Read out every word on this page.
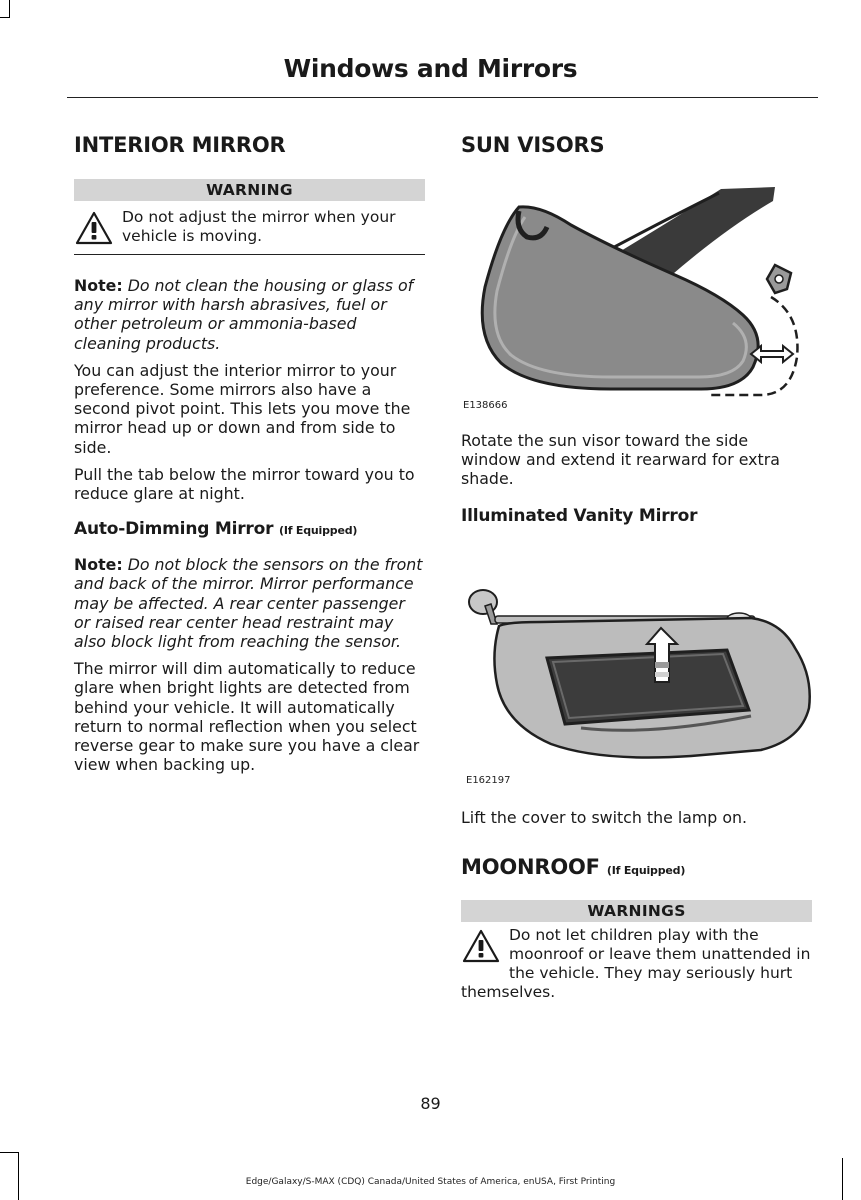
Windows and Mirrors
INTERIOR MIRROR
WARNING
Do not adjust the mirror when your vehicle is moving.

Note: Do not clean the housing or glass of any mirror with harsh abrasives, fuel or other petroleum or ammonia-based cleaning products.

You can adjust the interior mirror to your preference. Some mirrors also have a second pivot point. This lets you move the mirror head up or down and from side to side.

Pull the tab below the mirror toward you to reduce glare at night.

Auto-Dimming Mirror (If Equipped)

Note: Do not block the sensors on the front and back of the mirror. Mirror performance may be affected. A rear center passenger or raised rear center head restraint may also block light from reaching the sensor.

The mirror will dim automatically to reduce glare when bright lights are detected from behind your vehicle. It will automatically return to normal reflection when you select reverse gear to make sure you have a clear view when backing up.

SUN VISORS
E138666

Rotate the sun visor toward the side window and extend it rearward for extra shade.

Illuminated Vanity Mirror
E162197

Lift the cover to switch the lamp on.

MOONROOF (If Equipped)
WARNINGS
Do not let children play with the moonroof or leave them unattended in the vehicle. They may seriously hurt themselves.
89
Edge/Galaxy/S-MAX (CDQ) Canada/United States of America, enUSA, First Printing
